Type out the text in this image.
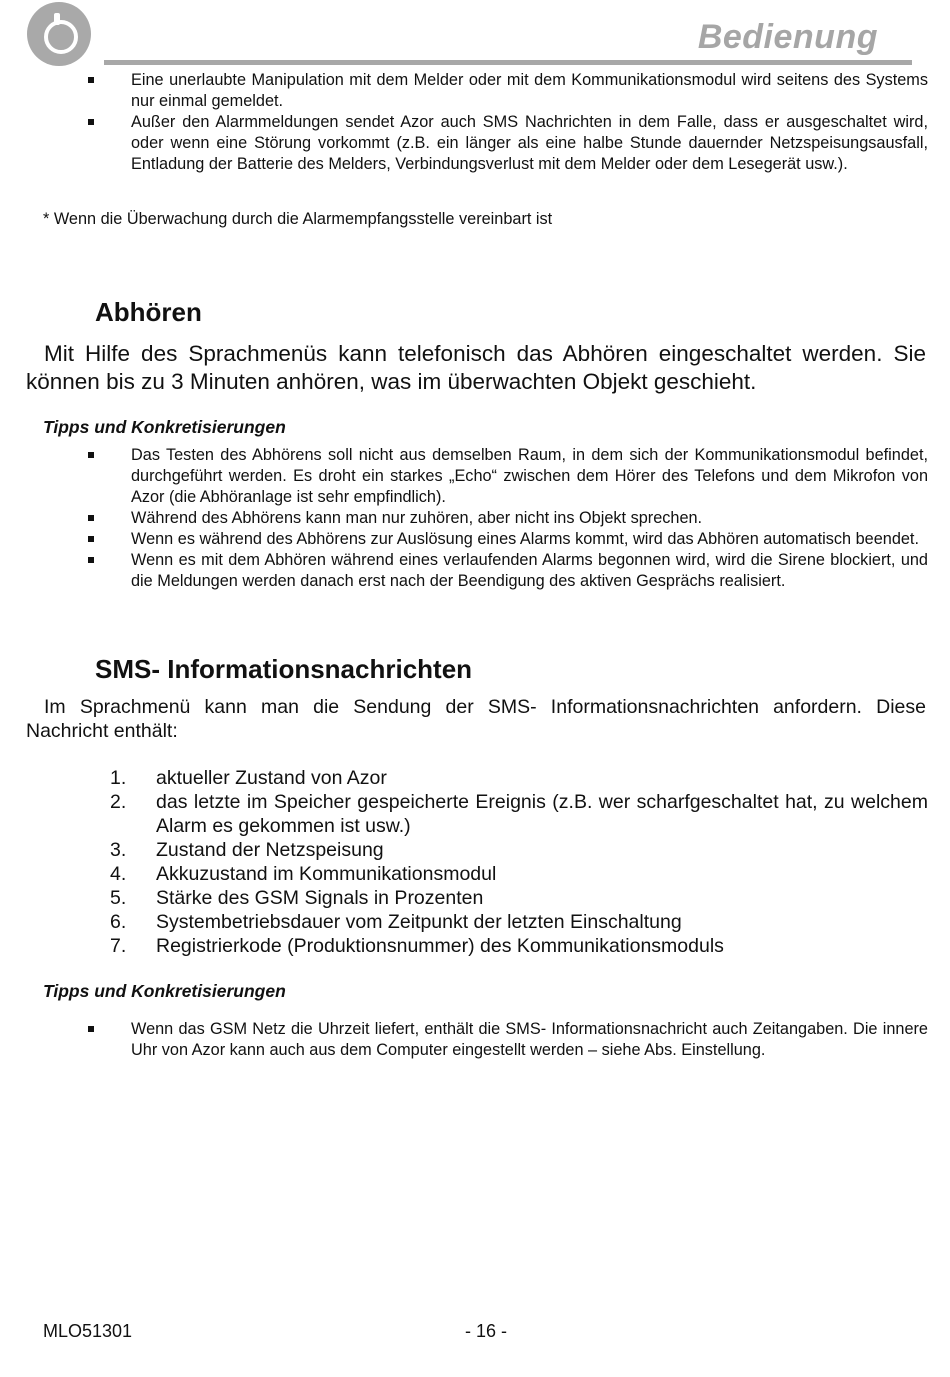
Bedienung
Eine unerlaubte Manipulation mit dem Melder oder mit dem Kommunikationsmodul wird seitens des Systems nur einmal gemeldet.
Außer den Alarmmeldungen sendet Azor auch SMS Nachrichten in dem Falle, dass er ausgeschaltet wird, oder wenn eine Störung vorkommt (z.B. ein länger als eine halbe Stunde dauernder Netzspeisungsausfall, Entladung der Batterie des Melders, Verbindungsverlust mit dem Melder oder dem Lesegerät usw.).
* Wenn die Überwachung durch die Alarmempfangsstelle vereinbart ist
Abhören

Mit Hilfe des Sprachmenüs kann telefonisch das Abhören eingeschaltet werden. Sie können bis zu 3 Minuten anhören, was im überwachten Objekt geschieht.

Tipps und Konkretisierungen

Das Testen des Abhörens soll nicht aus demselben Raum, in dem sich der Kommunikationsmodul befindet, durchgeführt werden. Es droht ein starkes „Echo“ zwischen dem Hörer des Telefons und dem Mikrofon von Azor (die Abhöranlage ist sehr empfindlich).
Während des Abhörens kann man nur zuhören, aber nicht ins Objekt sprechen.
Wenn es während des Abhörens zur Auslösung eines Alarms kommt, wird das Abhören automatisch beendet.
Wenn es mit dem Abhören während eines verlaufenden Alarms begonnen wird, wird die Sirene blockiert, und die Meldungen werden danach erst nach der Beendigung des aktiven Gesprächs realisiert.
SMS- Informationsnachrichten

Im Sprachmenü kann man die Sendung der SMS- Informationsnachrichten anfordern. Diese Nachricht enthält:

1. aktueller Zustand von Azor
2. das letzte im Speicher gespeicherte Ereignis (z.B. wer scharfgeschaltet hat, zu welchem Alarm es gekommen ist usw.)
3. Zustand der Netzspeisung
4. Akkuzustand im Kommunikationsmodul
5. Stärke des GSM Signals in Prozenten
6. Systembetriebsdauer vom Zeitpunkt der letzten Einschaltung
7. Registrierkode (Produktionsnummer) des Kommunikationsmoduls

Tipps und Konkretisierungen

Wenn das GSM Netz die Uhrzeit liefert, enthält die SMS- Informationsnachricht auch Zeitangaben. Die innere Uhr von Azor kann auch aus dem Computer eingestellt werden – siehe Abs. Einstellung.
MLO51301	- 16 -
